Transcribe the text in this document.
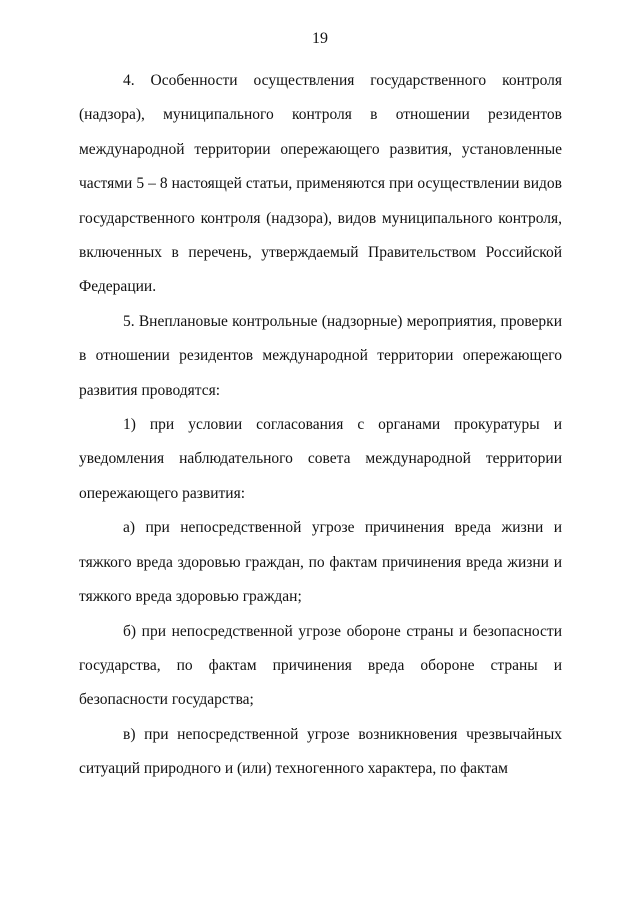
19

4. Особенности осуществления государственного контроля (надзора), муниципального контроля в отношении резидентов международной территории опережающего развития, установленные частями 5 – 8 настоящей статьи, применяются при осуществлении видов государственного контроля (надзора), видов муниципального контроля, включенных в перечень, утверждаемый Правительством Российской Федерации.

5. Внеплановые контрольные (надзорные) мероприятия, проверки в отношении резидентов международной территории опережающего развития проводятся:

1) при условии согласования с органами прокуратуры и уведомления наблюдательного совета международной территории опережающего развития:

а) при непосредственной угрозе причинения вреда жизни и тяжкого вреда здоровью граждан, по фактам причинения вреда жизни и тяжкого вреда здоровью граждан;

б) при непосредственной угрозе обороне страны и безопасности государства, по фактам причинения вреда обороне страны и безопасности государства;

в) при непосредственной угрозе возникновения чрезвычайных ситуаций природного и (или) техногенного характера, по фактам
